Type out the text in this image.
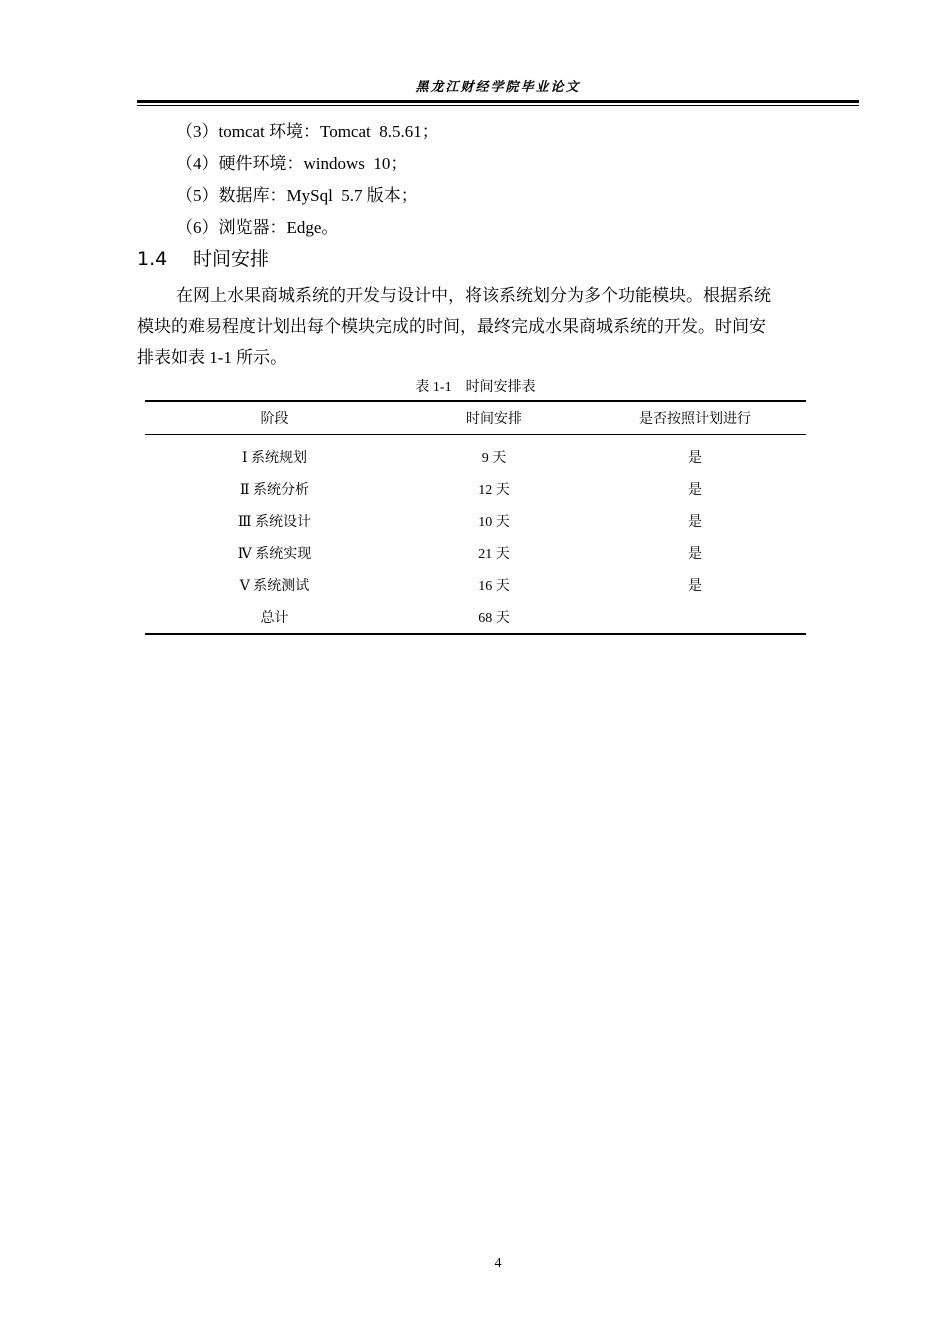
黑龙江财经学院毕业论文
（3）tomcat 环境：Tomcat  8.5.61；
（4）硬件环境：windows  10；
（5）数据库：MySql  5.7 版本；
（6）浏览器：Edge。
1.4 时间安排
在网上水果商城系统的开发与设计中，将该系统划分为多个功能模块。根据系统
模块的难易程度计划出每个模块完成的时间，最终完成水果商城系统的开发。时间安
排表如表 1-1 所示。
表 1-1    时间安排表
阶段	时间安排	是否按照计划进行
Ⅰ 系统规划	9 天	是
Ⅱ 系统分析	12 天	是
Ⅲ 系统设计	10 天	是
Ⅳ 系统实现	21 天	是
Ⅴ 系统测试	16 天	是
总计	68 天	
4
